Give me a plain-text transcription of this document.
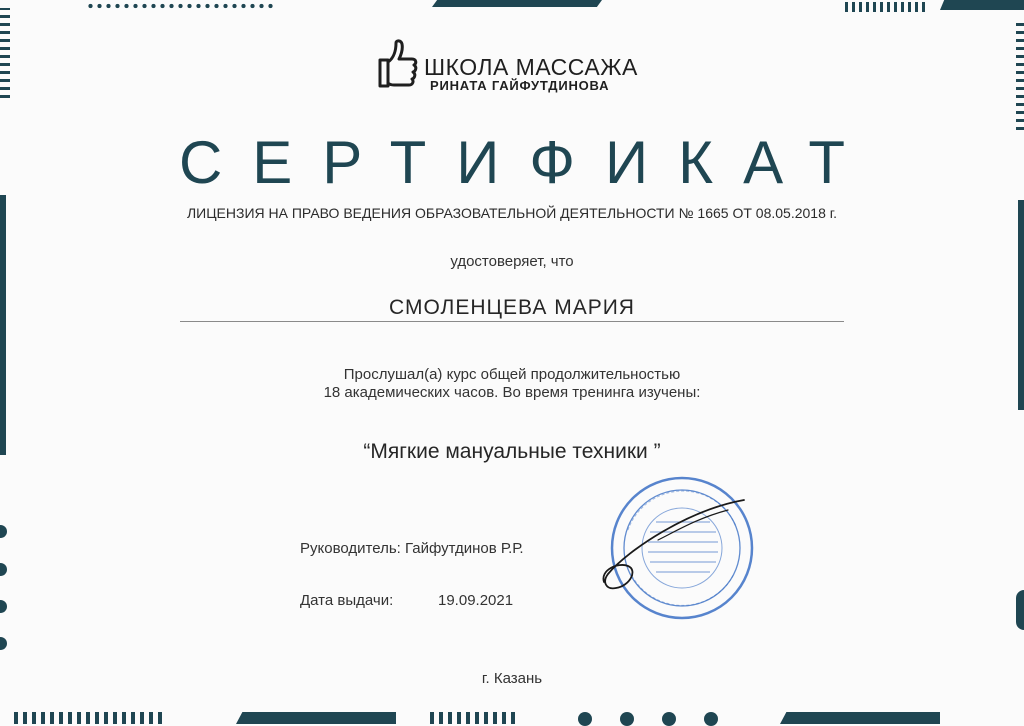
ШКОЛА МАССАЖА
РИНАТА ГАЙФУТДИНОВА
СЕРТИФИКАТ
ЛИЦЕНЗИЯ НА ПРАВО ВЕДЕНИЯ ОБРАЗОВАТЕЛЬНОЙ ДЕЯТЕЛЬНОСТИ № 1665 ОТ 08.05.2018 г.
удостоверяет, что
СМОЛЕНЦЕВА МАРИЯ
Прослушал(а) курс общей продолжительностью
18 академических часов. Во время тренинга изучены:
“Мягкие мануальные техники ”
Руководитель: Гайфутдинов Р.Р.
Дата выдачи:	19.09.2021
г. Казань
